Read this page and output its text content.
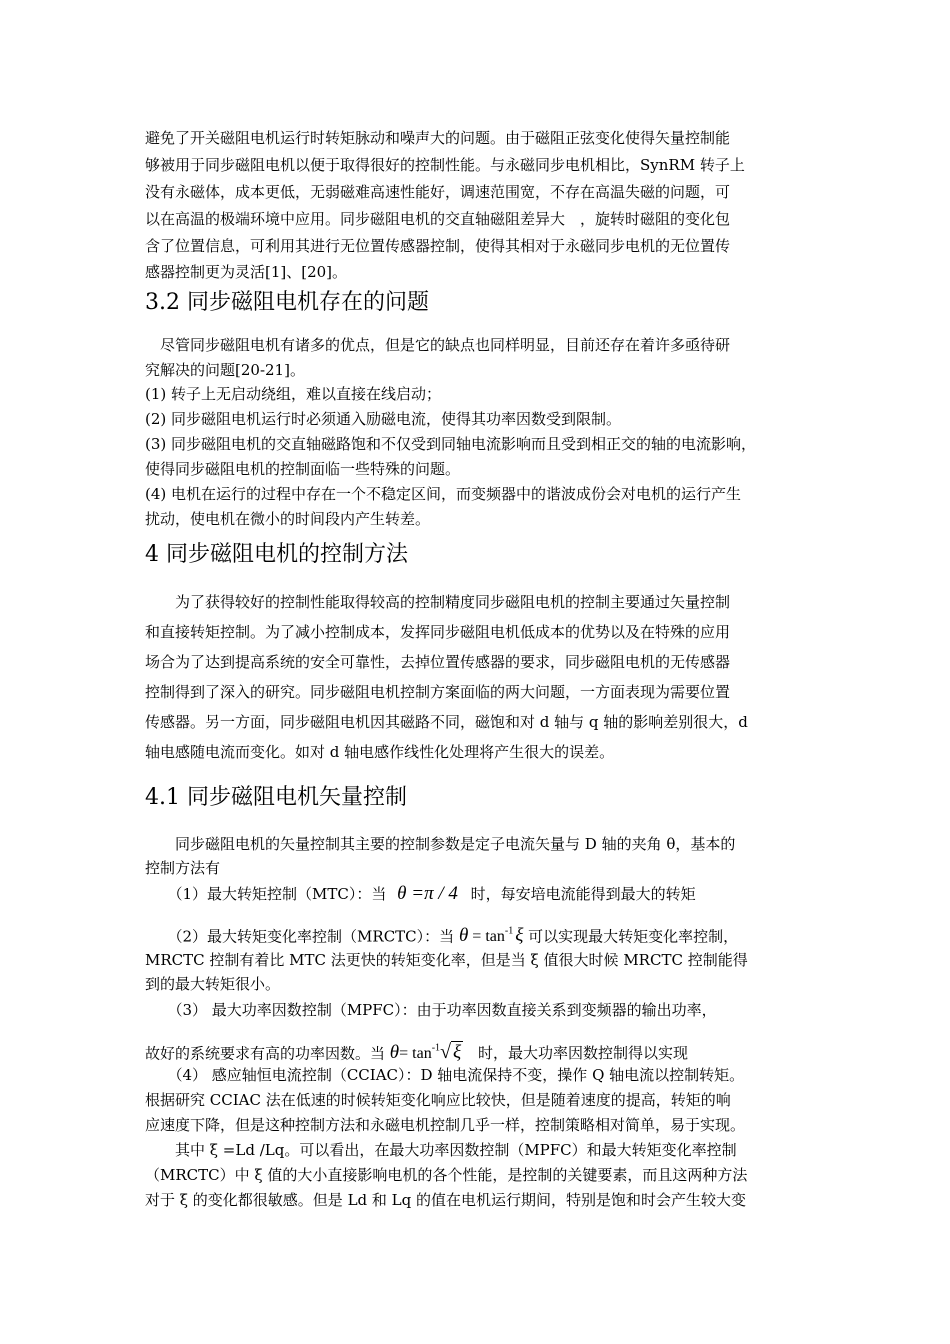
避免了开关磁阻电机运行时转矩脉动和噪声大的问题。由于磁阻正弦变化使得矢量控制能
够被用于同步磁阻电机以便于取得很好的控制性能。与永磁同步电机相比，SynRM 转子上
没有永磁体，成本更低，无弱磁难高速性能好，调速范围宽，不存在高温失磁的问题，可
以在高温的极端环境中应用。同步磁阻电机的交直轴磁阻差异大　，旋转时磁阻的变化包
含了位置信息，可利用其进行无位置传感器控制，使得其相对于永磁同步电机的无位置传
感器控制更为灵活[1]、[20]。
3.2 同步磁阻电机存在的问题
　尽管同步磁阻电机有诸多的优点，但是它的缺点也同样明显，目前还存在着许多亟待研
究解决的问题[20-21]。
(1) 转子上无启动绕组，难以直接在线启动；
(2) 同步磁阻电机运行时必须通入励磁电流，使得其功率因数受到限制。
(3) 同步磁阻电机的交直轴磁路饱和不仅受到同轴电流影响而且受到相正交的轴的电流影响，
使得同步磁阻电机的控制面临一些特殊的问题。
(4) 电机在运行的过程中存在一个不稳定区间，而变频器中的谐波成份会对电机的运行产生
扰动，使电机在微小的时间段内产生转差。
4 同步磁阻电机的控制方法
　　为了获得较好的控制性能取得较高的控制精度同步磁阻电机的控制主要通过矢量控制
和直接转矩控制。为了减小控制成本，发挥同步磁阻电机低成本的优势以及在特殊的应用
场合为了达到提高系统的安全可靠性，去掉位置传感器的要求，同步磁阻电机的无传感器
控制得到了深入的研究。同步磁阻电机控制方案面临的两大问题，一方面表现为需要位置
传感器。另一方面，同步磁阻电机因其磁路不同，磁饱和对 d 轴与 q 轴的影响差别很大，d
轴电感随电流而变化。如对 d 轴电感作线性化处理将产生很大的误差。
4.1 同步磁阻电机矢量控制
　　同步磁阻电机的矢量控制其主要的控制参数是定子电流矢量与 D 轴的夹角 θ，基本的
控制方法有
　　（1）最大转矩控制（MTC）：当 θ =π / 4 时，每安培电流能得到最大的转矩
　　（2）最大转矩变化率控制（MRCTC）：当 $\theta = \tan^{-1} \xi$ 可以实现最大转矩变化率控制，
MRCTC 控制有着比 MTC 法更快的转矩变化率，但是当 ξ 值很大时候 MRCTC 控制能得
到的最大转矩很小。
　　（3） 最大功率因数控制（MPFC）：由于功率因数直接关系到变频器的输出功率，
故好的系统要求有高的功率因数。当 $\theta= \tan^{-1}√$ ξ 时，最大功率因数控制得以实现
　　（4） 感应轴恒电流控制（CCIAC）：D 轴电流保持不变，操作 Q 轴电流以控制转矩。
根据研究 CCIAC 法在低速的时候转矩变化响应比较快，但是随着速度的提高，转矩的响
应速度下降，但是这种控制方法和永磁电机控制几乎一样，控制策略相对简单，易于实现。
　　其中 ξ =Ld /Lq。可以看出，在最大功率因数控制（MPFC）和最大转矩变化率控制
（MRCTC）中 ξ 值的大小直接影响电机的各个性能，是控制的关键要素，而且这两种方法
对于 ξ 的变化都很敏感。但是 Ld 和 Lq 的值在电机运行期间，特别是饱和时会产生较大变
